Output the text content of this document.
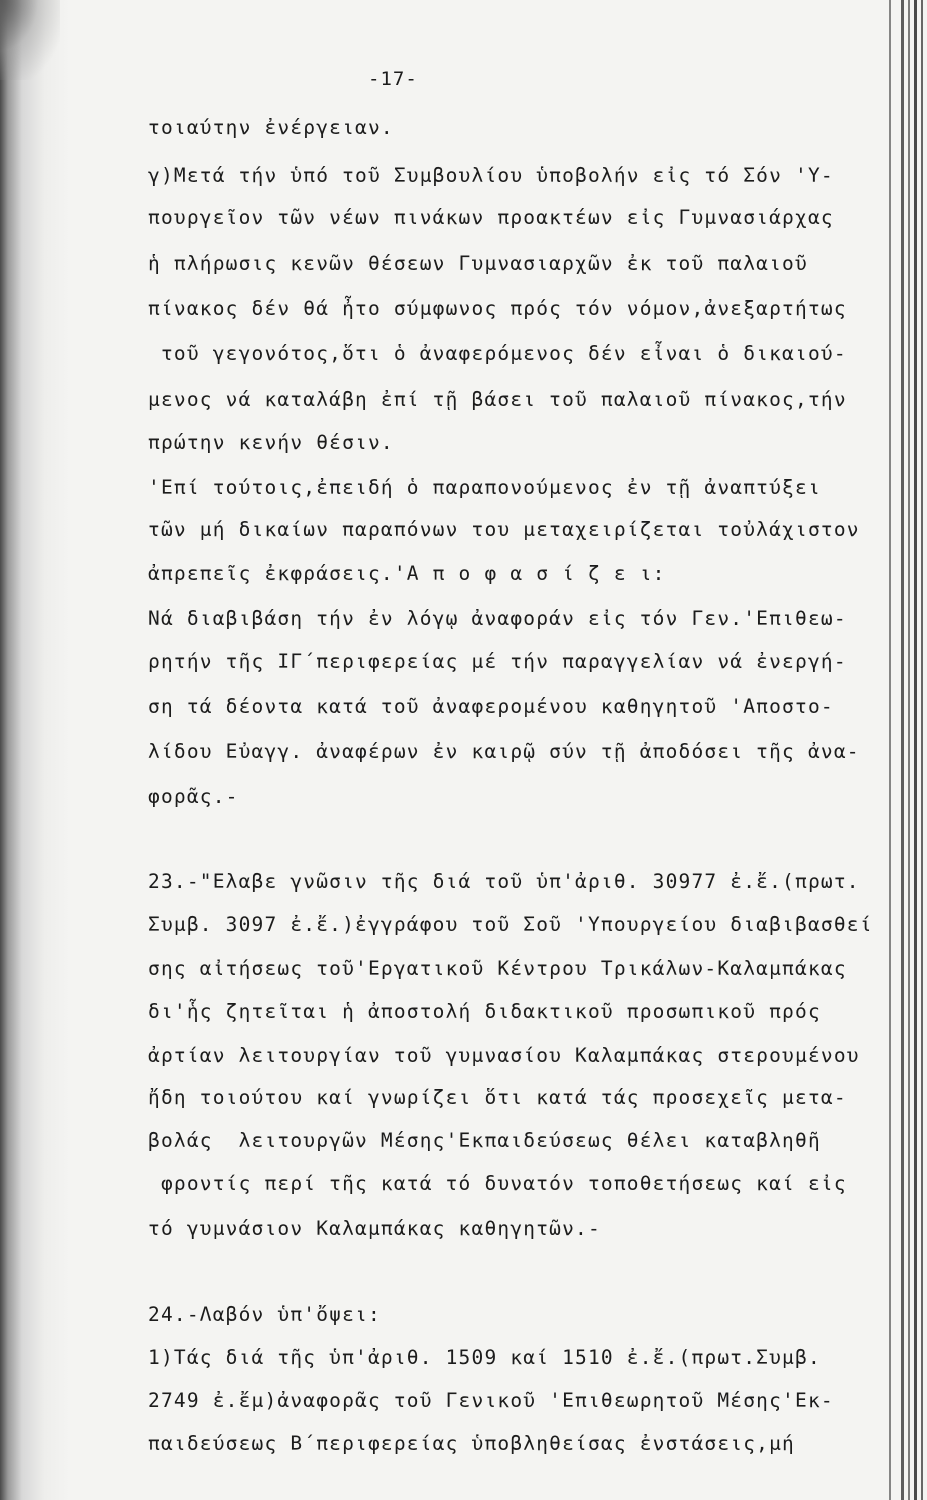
-17-
τοιαύτην ἐνέργειαν.
γ)Μετά τήν ὑπό τοῦ Συμβουλίου ὑποβολήν εἰς τό Σόν 'Υ-
πουργεῖον τῶν νέων πινάκων προακτέων εἰς Γυμνασιάρχας
ἡ πλήρωσις κενῶν θέσεων Γυμνασιαρχῶν ἐκ τοῦ παλαιοῦ
πίνακος δέν θά ἦτο σύμφωνος πρός τόν νόμον,ἀνεξαρτήτως
τοῦ γεγονότος,ὅτι ὁ ἀναφερόμενος δέν εἶναι ὁ δικαιού-
μενος νά καταλάβη ἐπί τῇ βάσει τοῦ παλαιοῦ πίνακος,τήν
πρώτην κενήν θέσιν.
'Επί τούτοις,ἐπειδή ὁ παραπονούμενος ἐν τῇ ἀναπτύξει
τῶν μή δικαίων παραπόνων του μεταχειρίζεται τοὐλάχιστον
ἀπρεπεῖς ἐκφράσεις.'Α π ο φ α σ ί ζ ε ι:
Νά διαβιβάση τήν ἐν λόγῳ ἀναφοράν εἰς τόν Γεν.'Επιθεω-
ρητήν τῆς ΙΓ΄περιφερείας μέ τήν παραγγελίαν νά ἐνεργή-
ση τά δέοντα κατά τοῦ ἀναφερομένου καθηγητοῦ 'Αποστο-
λίδου Εὐαγγ. ἀναφέρων ἐν καιρῷ σύν τῇ ἀποδόσει τῆς ἀνα-
φορᾶς.-
23.-"Ελαβε γνῶσιν τῆς διά τοῦ ὑπ'ἀριθ. 30977 ἐ.ἔ.(πρωτ.
Συμβ. 3097 ἐ.ἔ.)ἐγγράφου τοῦ Σοῦ 'Υπουργείου διαβιβασθεί
σης αἰτήσεως τοῦ'Εργατικοῦ Κέντρου Τρικάλων-Καλαμπάκας
δι'ἧς ζητεῖται ἡ ἀποστολή διδακτικοῦ προσωπικοῦ πρός
ἀρτίαν λειτουργίαν τοῦ γυμνασίου Καλαμπάκας στερουμένου
ἤδη τοιούτου καί γνωρίζει ὅτι κατά τάς προσεχεῖς μετα-
βολάς  λειτουργῶν Μέσης'Εκπαιδεύσεως θέλει καταβληθῆ
φροντίς περί τῆς κατά τό δυνατόν τοποθετήσεως καί εἰς
τό γυμνάσιον Καλαμπάκας καθηγητῶν.-
24.-Λαβόν ὑπ'ὄψει:
1)Τάς διά τῆς ὑπ'ἀριθ. 1509 καί 1510 ἐ.ἔ.(πρωτ.Συμβ.
2749 ἐ.ἔμ)ἀναφορᾶς τοῦ Γενικοῦ 'Επιθεωρητοῦ Μέσης'Εκ-
παιδεύσεως Β΄περιφερείας ὑποβληθείσας ἐνστάσεις,μή
